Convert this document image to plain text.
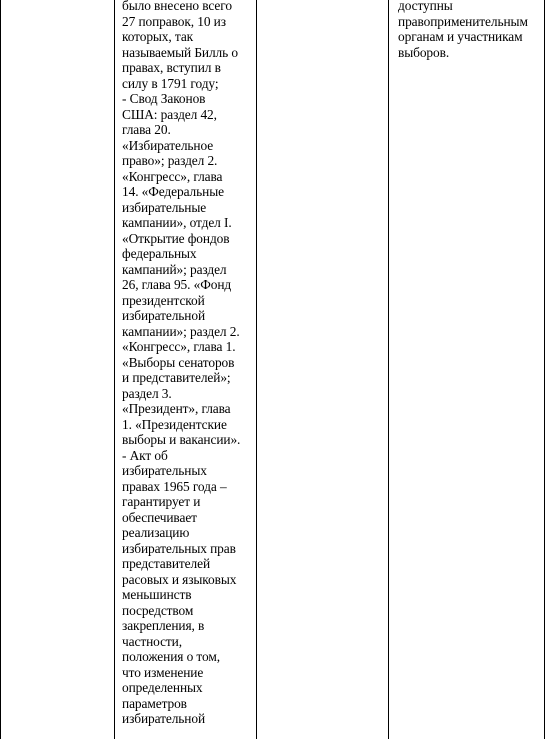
было внесено всего
27 поправок, 10 из
которых, так
называемый Билль о
правах, вступил в
силу в 1791 году;
- Свод Законов
США: раздел 42,
глава 20.
«Избирательное
право»; раздел 2.
«Конгресс», глава
14. «Федеральные
избирательные
кампании», отдел I.
«Открытие фондов
федеральных
кампаний»; раздел
26, глава 95. «Фонд
президентской
избирательной
кампании»; раздел 2.
«Конгресс», глава 1.
«Выборы сенаторов
и представителей»;
раздел 3.
«Президент», глава
1. «Президентские
выборы и вакансии».
- Акт об
избирательных
правах 1965 года –
гарантирует и
обеспечивает
реализацию
избирательных прав
представителей
расовых и языковых
меньшинств
посредством
закрепления, в
частности,
положения о том,
что изменение
определенных
параметров
избирательной
доступны
правоприменительным
органам и участникам
выборов.
